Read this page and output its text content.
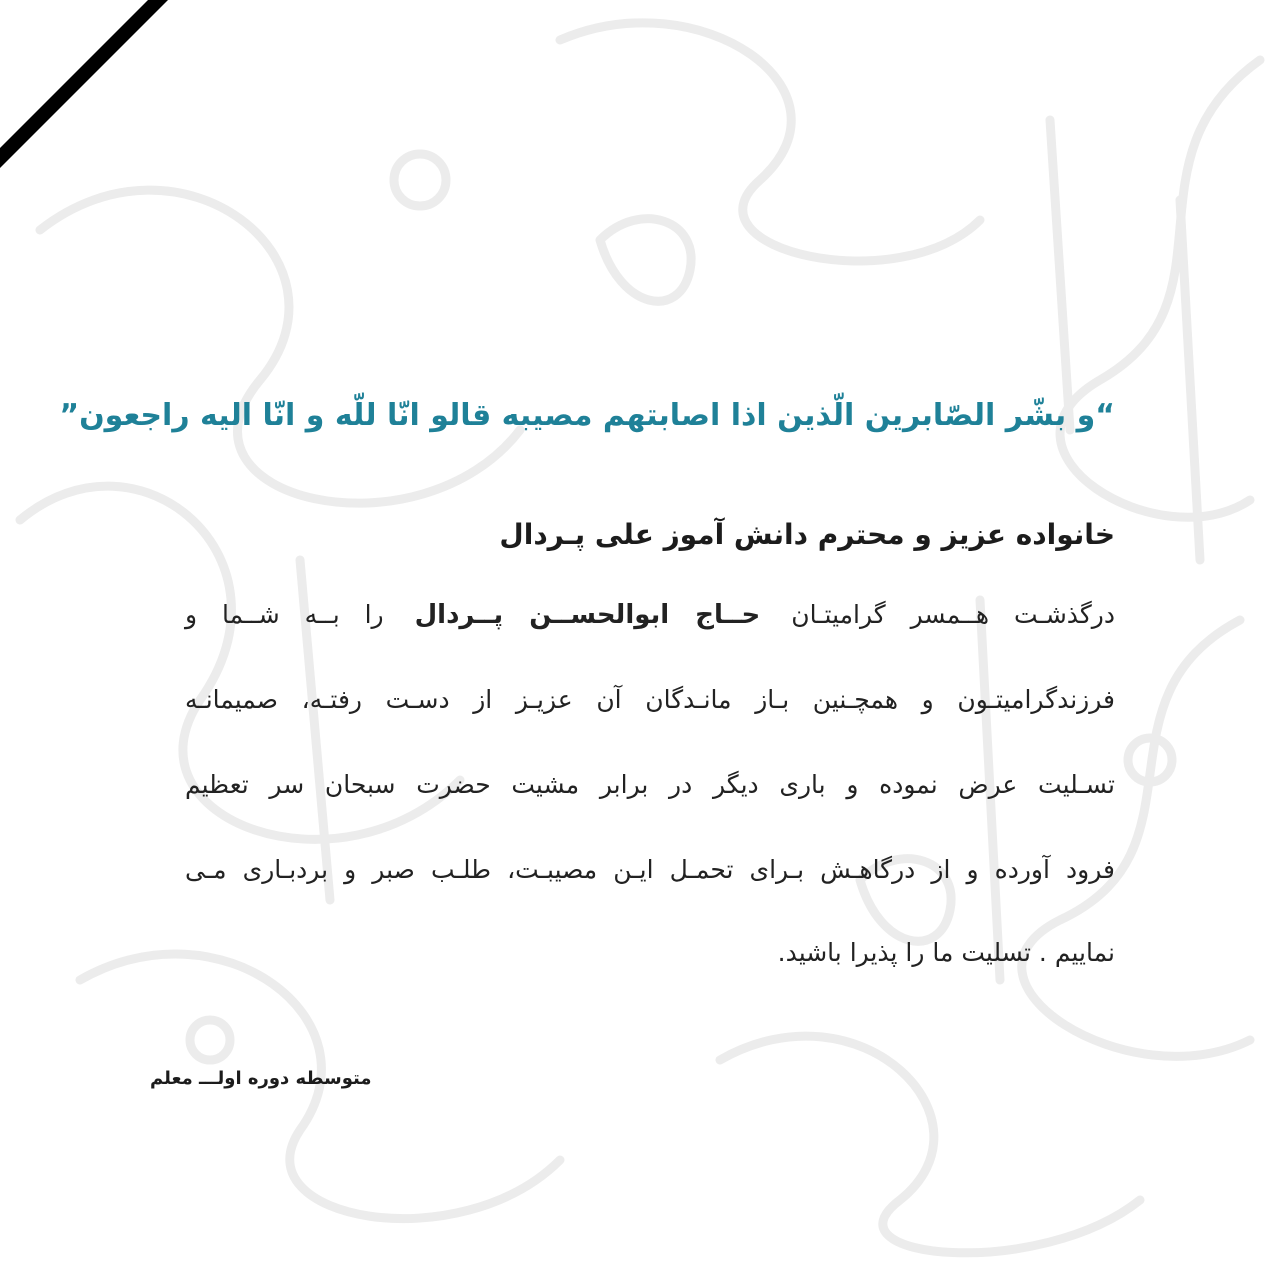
“و بشّر الصّابرین الّذین اذا اصابتهم مصیبه قالو انّا للّه و انّا الیه راجعون”
خانواده عزیز و محترم دانش آموز علی پـردال
درگذشـت هــمسر گرامیتـان حــاج ابوالحســن پــردال را بــه شــما و
فرزندگرامیتـون و همچـنین بـاز مانـدگان آن عزیـز از دسـت رفتـه، صمیمانـه
تسـلیت عرض نموده و باری دیگر در برابر مشیت حضرت سبحان سر تعظیم
فرود آورده و از درگاهـش بـرای تحمـل ایـن مصیبـت، طلـب صبر و بردبـاری مـی
نماییم . تسلیت ما را پذیرا باشید.
متوسطه دوره اولـــ معلم
